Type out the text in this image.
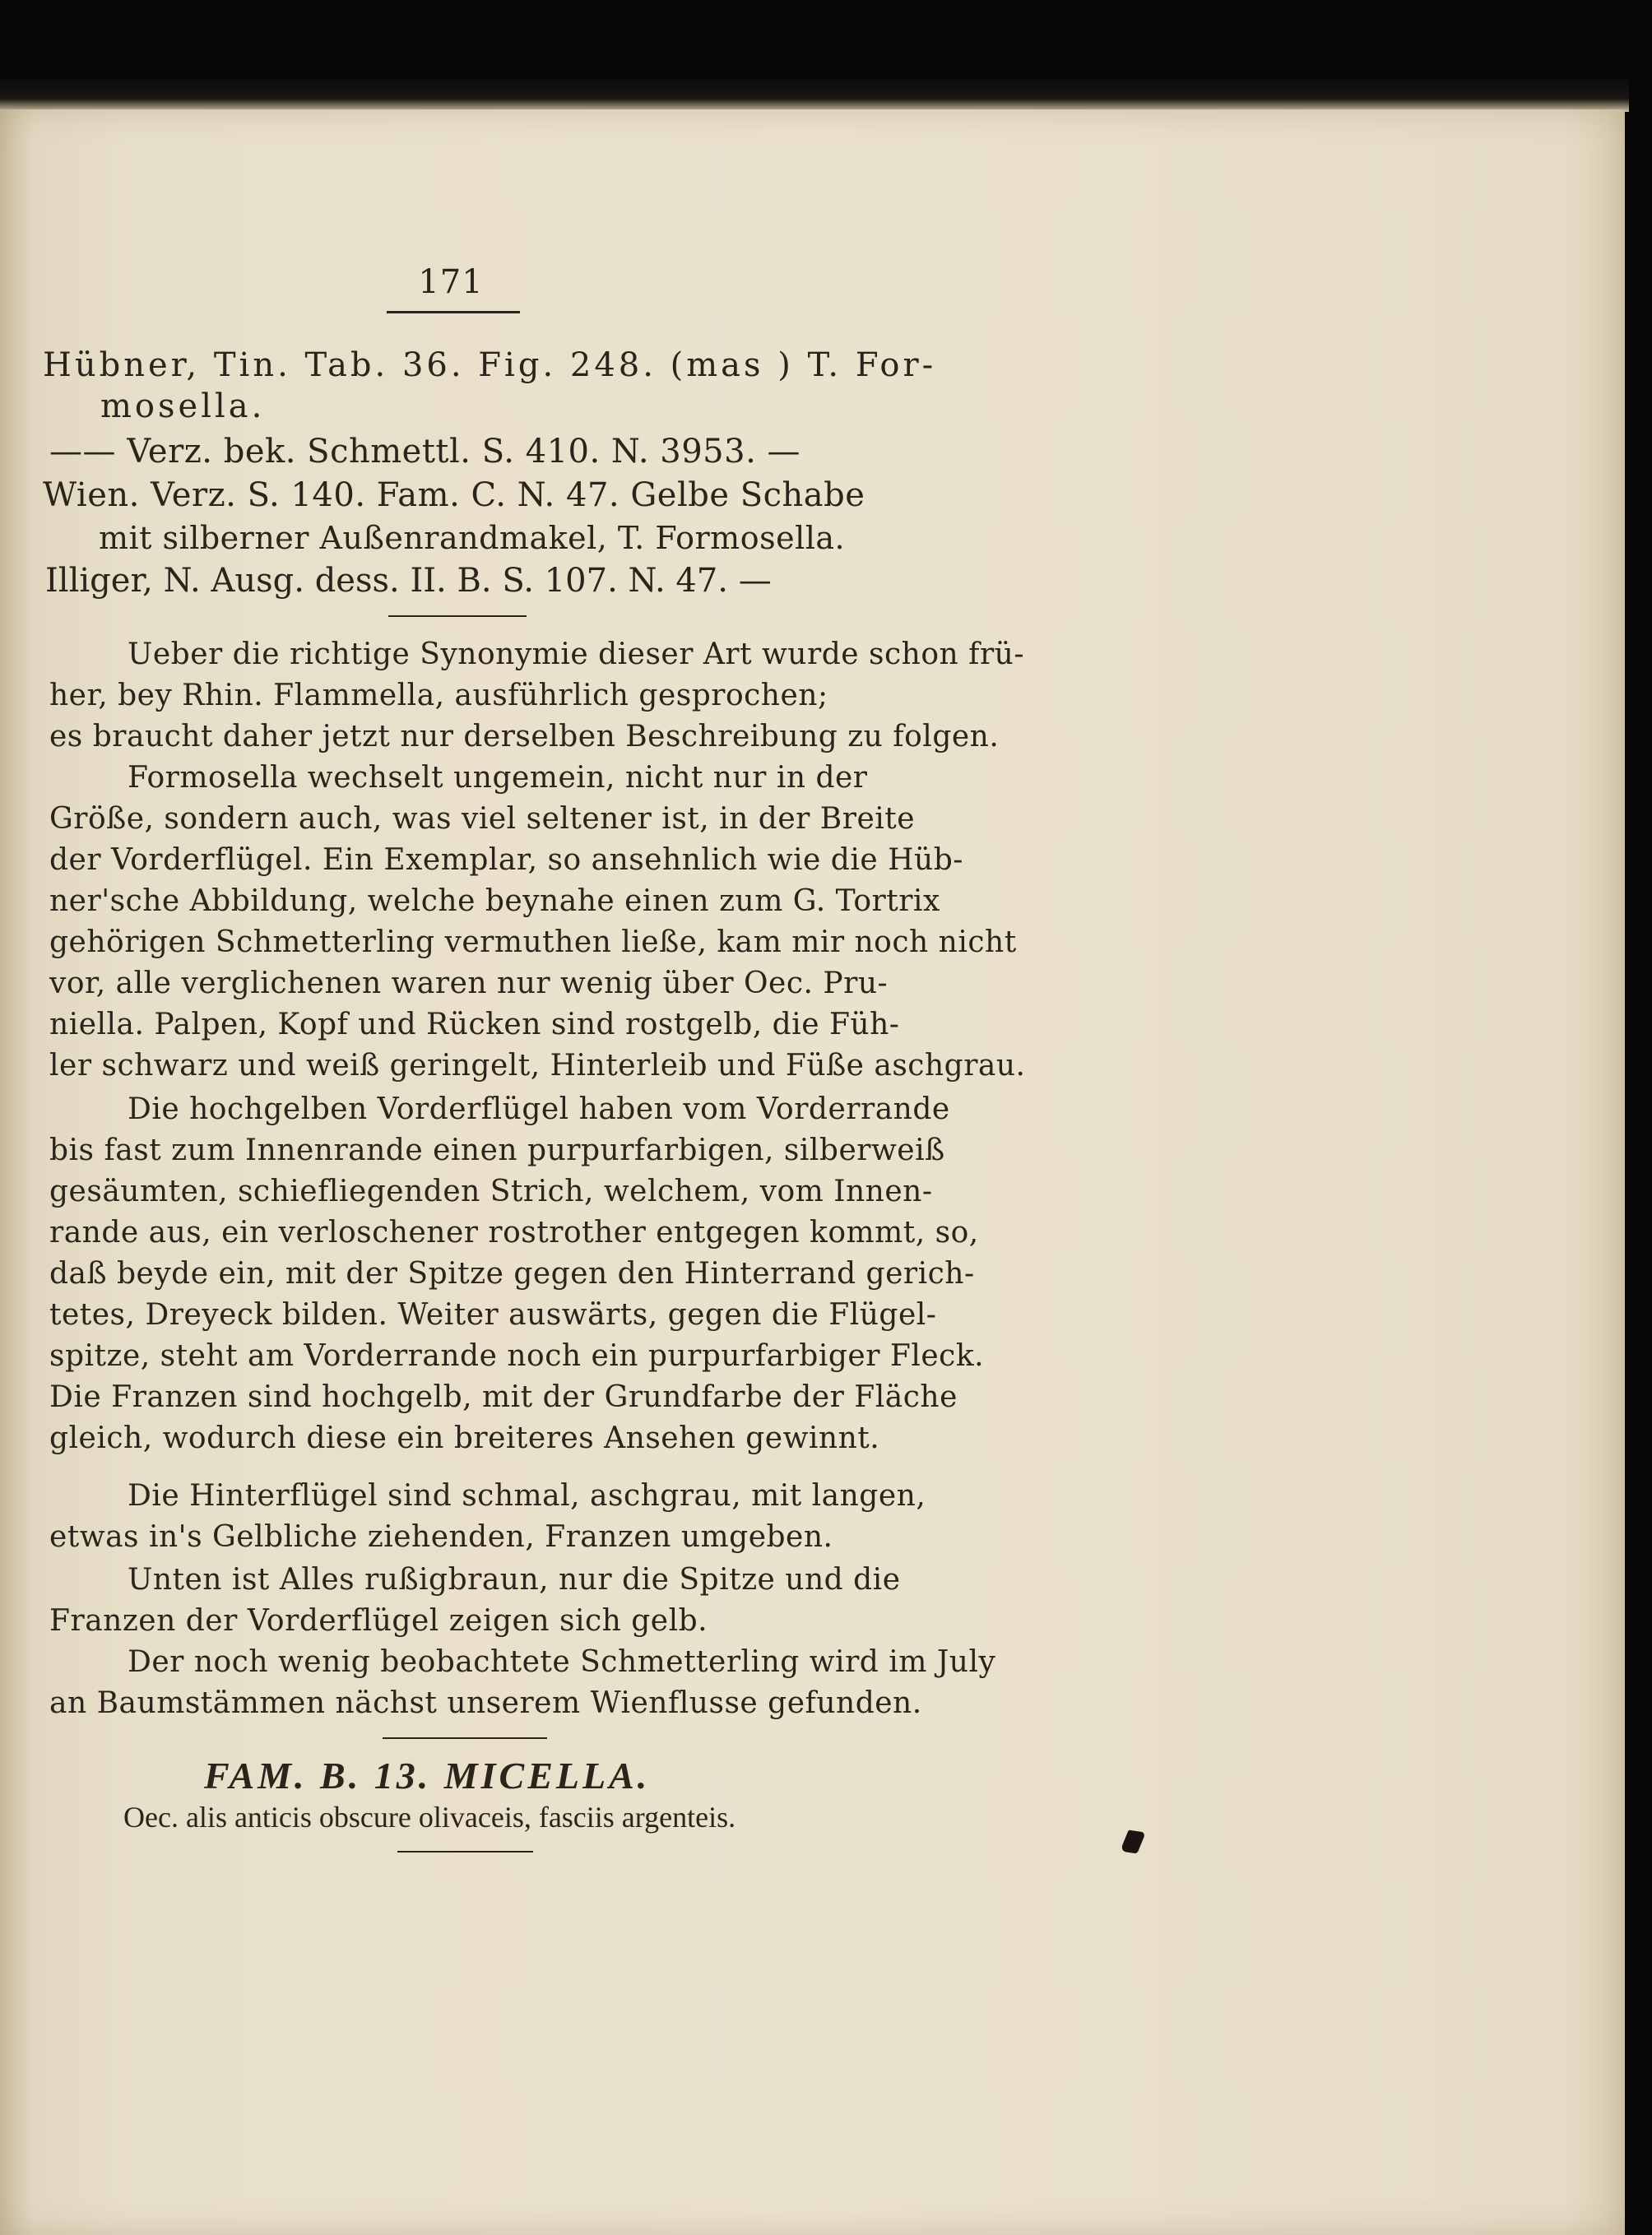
171
Hübner, Tin. Tab. 36. Fig. 248. (mas ) T. For-
mosella.
—— Verz. bek. Schmettl. S. 410. N. 3953. —
Wien. Verz. S. 140. Fam. C. N. 47. Gelbe Schabe
mit silberner Außenrandmakel, T. Formosella.
Illiger, N. Ausg. dess. II. B. S. 107. N. 47. —
Ueber die richtige Synonymie dieser Art wurde schon frü-
her, bey Rhin. Flammella, ausführlich gesprochen;
es braucht daher jetzt nur derselben Beschreibung zu folgen.
Formosella wechselt ungemein, nicht nur in der
Größe, sondern auch, was viel seltener ist, in der Breite
der Vorderflügel. Ein Exemplar, so ansehnlich wie die Hüb-
ner'sche Abbildung, welche beynahe einen zum G. Tortrix
gehörigen Schmetterling vermuthen ließe, kam mir noch nicht
vor, alle verglichenen waren nur wenig über Oec. Pru-
niella. Palpen, Kopf und Rücken sind rostgelb, die Füh-
ler schwarz und weiß geringelt, Hinterleib und Füße aschgrau.
Die hochgelben Vorderflügel haben vom Vorderrande
bis fast zum Innenrande einen purpurfarbigen, silberweiß
gesäumten, schiefliegenden Strich, welchem, vom Innen-
rande aus, ein verloschener rostrother entgegen kommt, so,
daß beyde ein, mit der Spitze gegen den Hinterrand gerich-
tetes, Dreyeck bilden. Weiter auswärts, gegen die Flügel-
spitze, steht am Vorderrande noch ein purpurfarbiger Fleck.
Die Franzen sind hochgelb, mit der Grundfarbe der Fläche
gleich, wodurch diese ein breiteres Ansehen gewinnt.
Die Hinterflügel sind schmal, aschgrau, mit langen,
etwas in's Gelbliche ziehenden, Franzen umgeben.
Unten ist Alles rußigbraun, nur die Spitze und die
Franzen der Vorderflügel zeigen sich gelb.
Der noch wenig beobachtete Schmetterling wird im July
an Baumstämmen nächst unserem Wienflusse gefunden.
FAM. B. 13. MICELLA.
Oec. alis anticis obscure olivaceis, fasciis argenteis.
